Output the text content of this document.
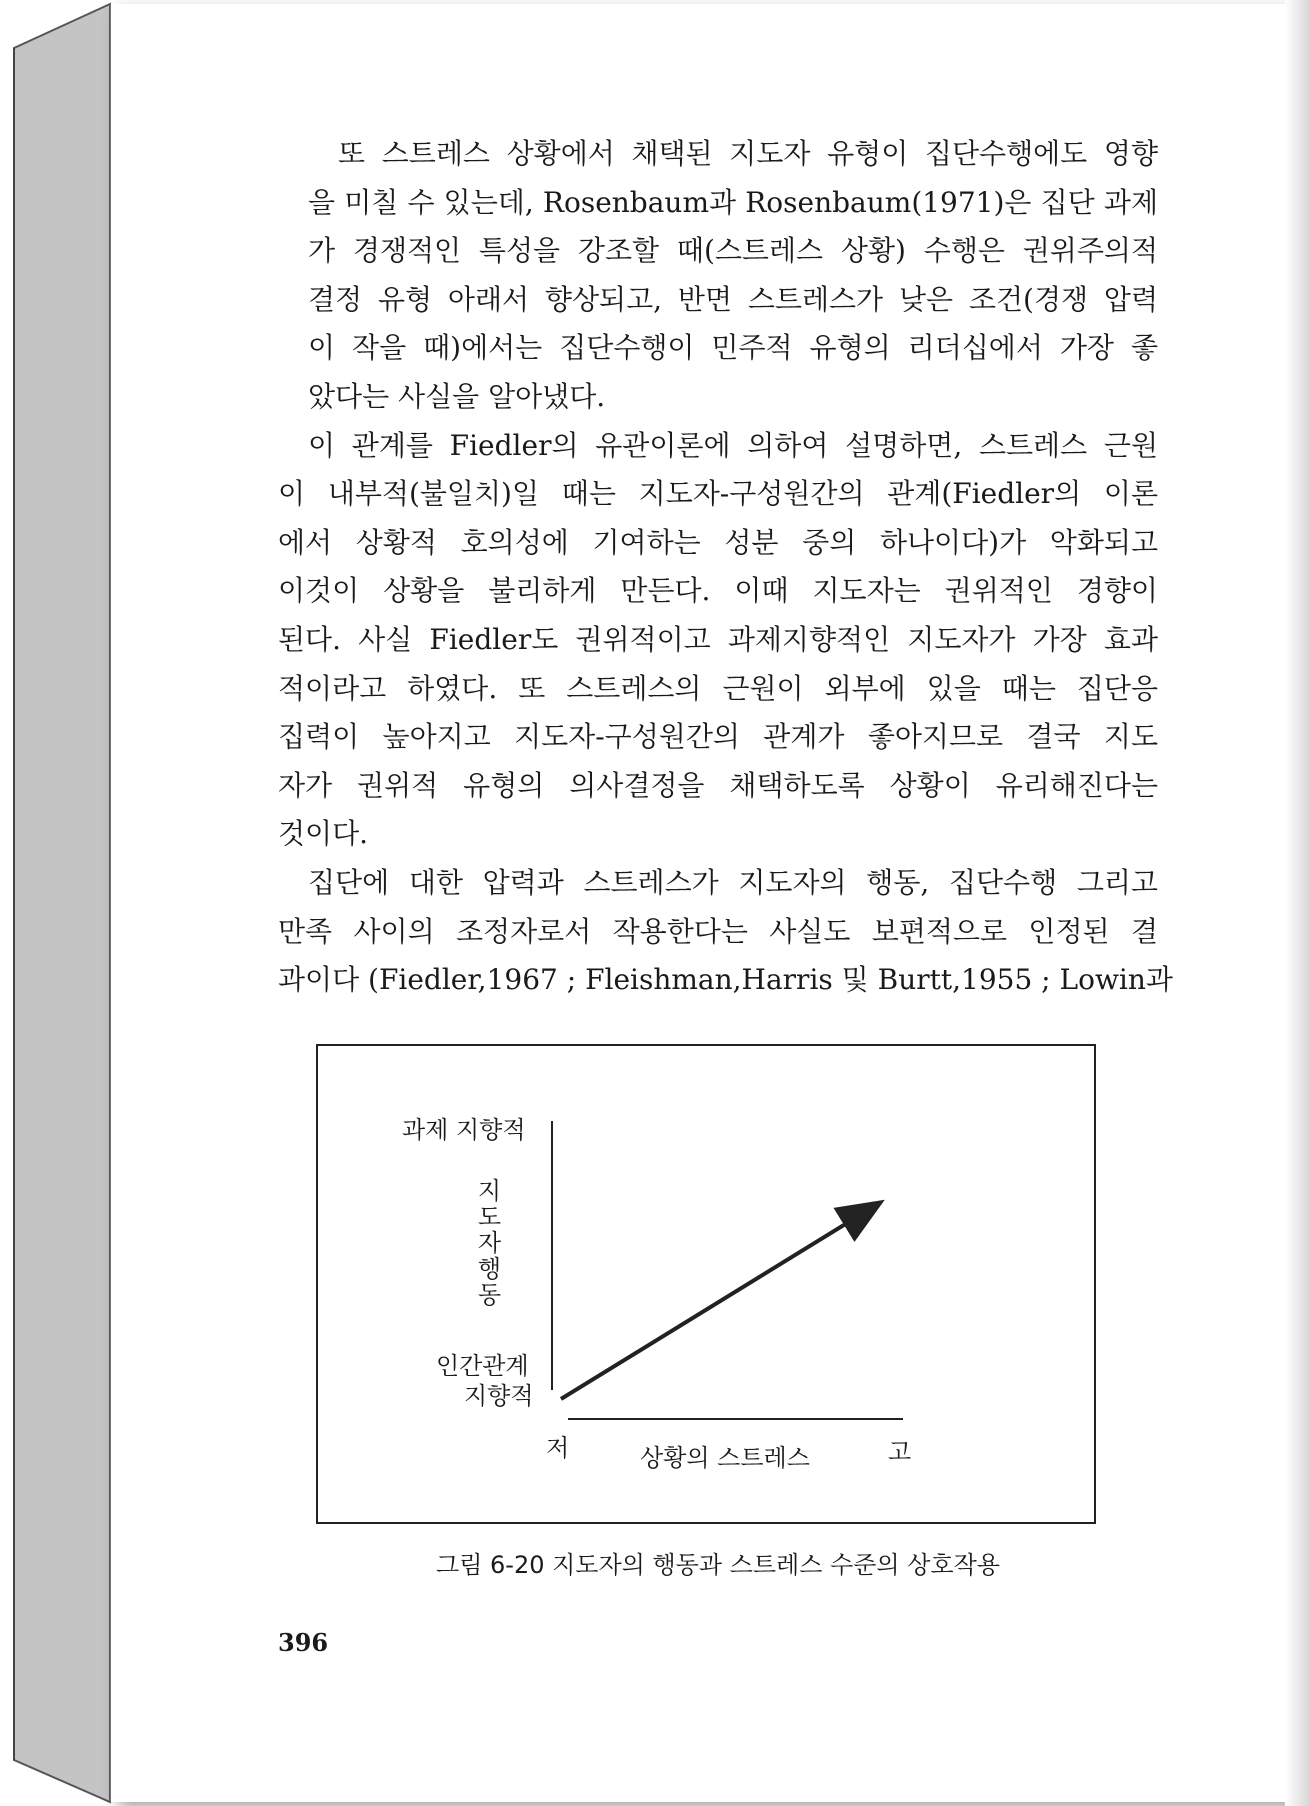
또 스트레스 상황에서 채택된 지도자 유형이 집단수행에도 영향
을 미칠 수 있는데, Rosenbaum과 Rosenbaum(1971)은 집단 과제
가 경쟁적인 특성을 강조할 때(스트레스 상황) 수행은 권위주의적
결정 유형 아래서 향상되고, 반면 스트레스가 낮은 조건(경쟁 압력
이 작을 때)에서는 집단수행이 민주적 유형의 리더십에서 가장 좋
았다는 사실을 알아냈다.

이 관계를 Fiedler의 유관이론에 의하여 설명하면, 스트레스 근원
이 내부적(불일치)일 때는 지도자-구성원간의 관계(Fiedler의 이론
에서 상황적 호의성에 기여하는 성분 중의 하나이다)가 악화되고
이것이 상황을 불리하게 만든다. 이때 지도자는 권위적인 경향이
된다. 사실 Fiedler도 권위적이고 과제지향적인 지도자가 가장 효과
적이라고 하였다. 또 스트레스의 근원이 외부에 있을 때는 집단응
집력이 높아지고 지도자-구성원간의 관계가 좋아지므로 결국 지도
자가 권위적 유형의 의사결정을 채택하도록 상황이 유리해진다는
것이다.

집단에 대한 압력과 스트레스가 지도자의 행동, 집단수행 그리고
만족 사이의 조정자로서 작용한다는 사실도 보편적으로 인정된 결
과이다 (Fiedler,1967 ; Fleishman,Harris 및 Burtt,1955 ; Lowin과

과제 지향적
지도자행동
인간관계
지향적
저	상황의 스트레스	고
그림 6-20 지도자의 행동과 스트레스 수준의 상호작용
396
